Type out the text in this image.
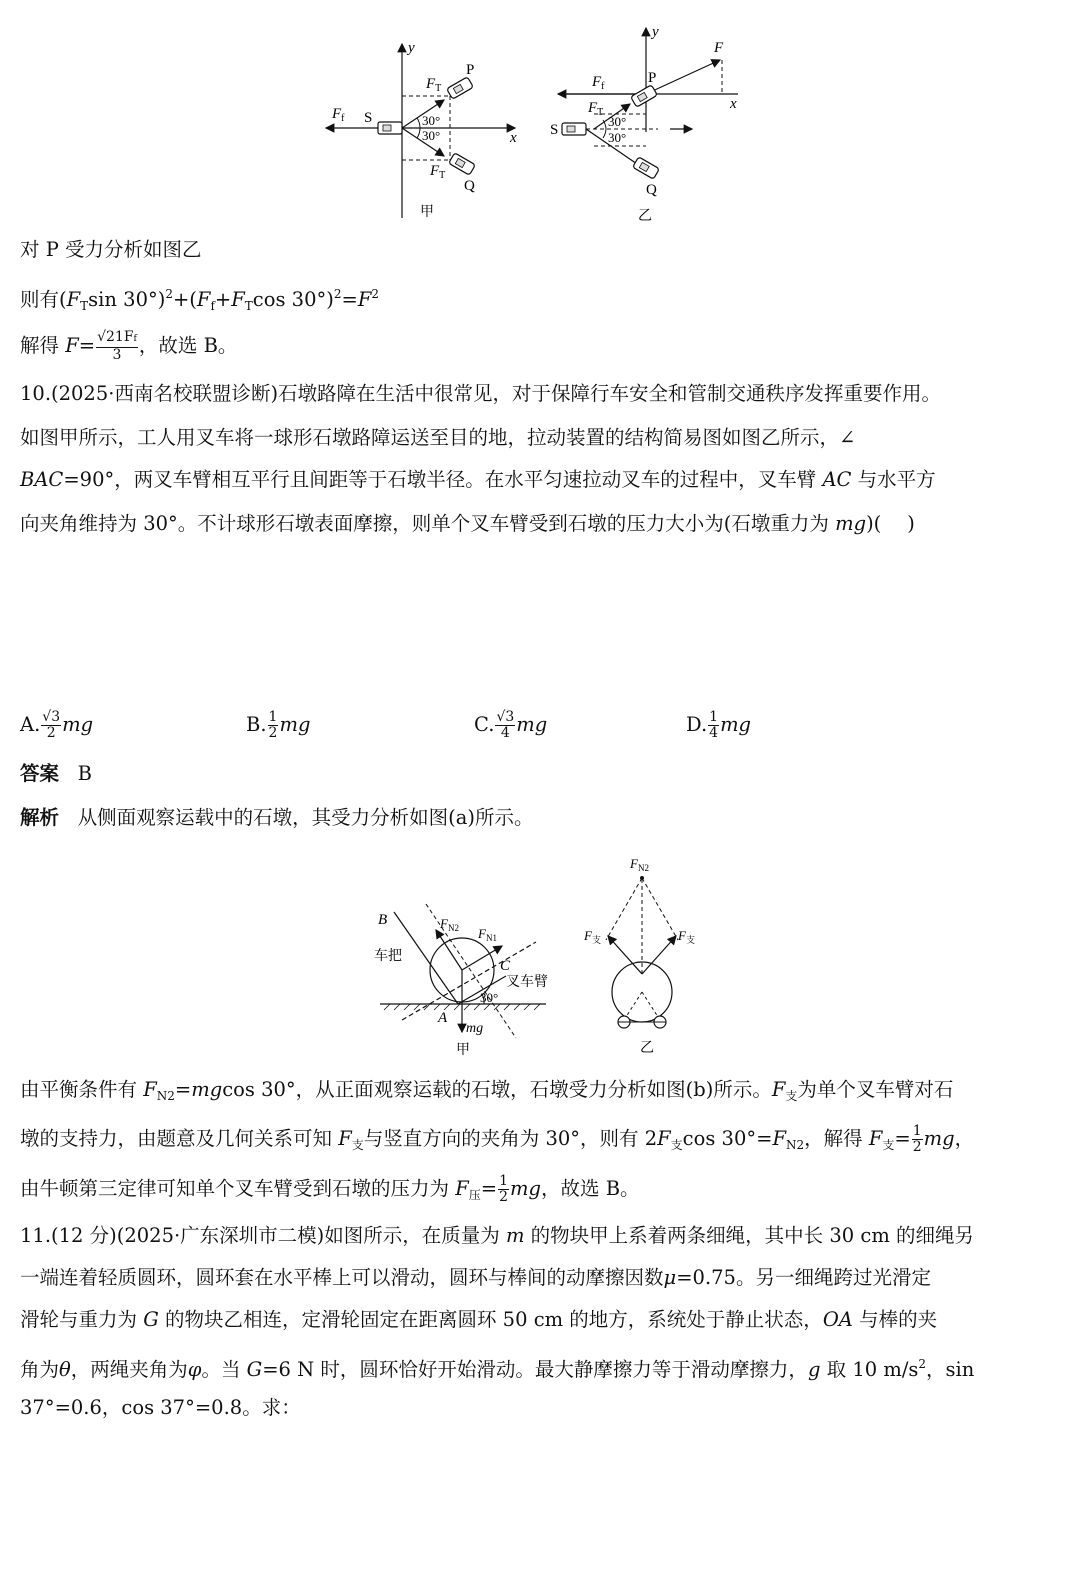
y
x
$F_f$ S
$F_T$
$F_T$
P
Q
30°
30°
甲
y
x
$F_f$
F
P
$F_T$
S
30°
30°
Q
乙
对 P 受力分析如图乙
则有($F_T\sin$ $30^\circ)^2+(F_f+F_T\cos$ $30^\circ)^2=F^2$
解得 $F= \frac{√21Ff}{3}$ ，故选 B。
10.(2025·西南名校联盟诊断)石墩路障在生活中很常见，对于保障行车安全和管制交通秩序发挥重要作用。
如图甲所示，工人用叉车将一球形石墩路障运送至目的地，拉动装置的结构简易图如图乙所示，∠
BAC=90°，两叉车臂相互平行且间距等于石墩半径。在水平匀速拉动叉车的过程中，叉车臂 AC 与水平方
向夹角维持为 30°。不计球形石墩表面摩擦，则单个叉车臂受到石墩的压力大小为(石墩重力为 mg)( )
A. $\frac{√3}{2}$ mg	B. $\frac{1}{2}$ mg	C. $\frac{√3}{4}$ mg	D. $\frac{1}{4}$ mg
答案 B
解析 从侧面观察运载中的石墩，其受力分析如图(a)所示。
B
车把
C
叉车臂
$F_{N2}$ $F_{N1}$
mg
30°
A
甲
$F_{N2}$
$F_支$	$F_支$
乙
由平衡条件有 $F_{N2}=mgcos$ 30°，从正面观察运载的石墩，石墩受力分析如图(b)所示。$F_支$为单个叉车臂对石
墩的支持力，由题意及几何关系可知 $F_支$与竖直方向的夹角为 30°，则有 $2F_支\cos$ $30^\circ=F_{N2}$，解得 $F_支= \frac{1}{2}$ mg，
由牛顿第三定律可知单个叉车臂受到石墩的压力为 $F_压= \frac{1}{2}$ mg，故选 B。
11.(12 分)(2025·广东深圳市二模)如图所示，在质量为 m 的物块甲上系着两条细绳，其中长 30 cm 的细绳另
一端连着轻质圆环，圆环套在水平棒上可以滑动，圆环与棒间的动摩擦因数μ=0.75。另一细绳跨过光滑定
滑轮与重力为 G 的物块乙相连，定滑轮固定在距离圆环 50 cm 的地方，系统处于静止状态，OA 与棒的夹
角为θ，两绳夹角为φ。当 G=6 N 时，圆环恰好开始滑动。最大静摩擦力等于滑动摩擦力，g 取 10 $m/s^2$，sin
37°=0.6，cos 37°=0.8。求：
